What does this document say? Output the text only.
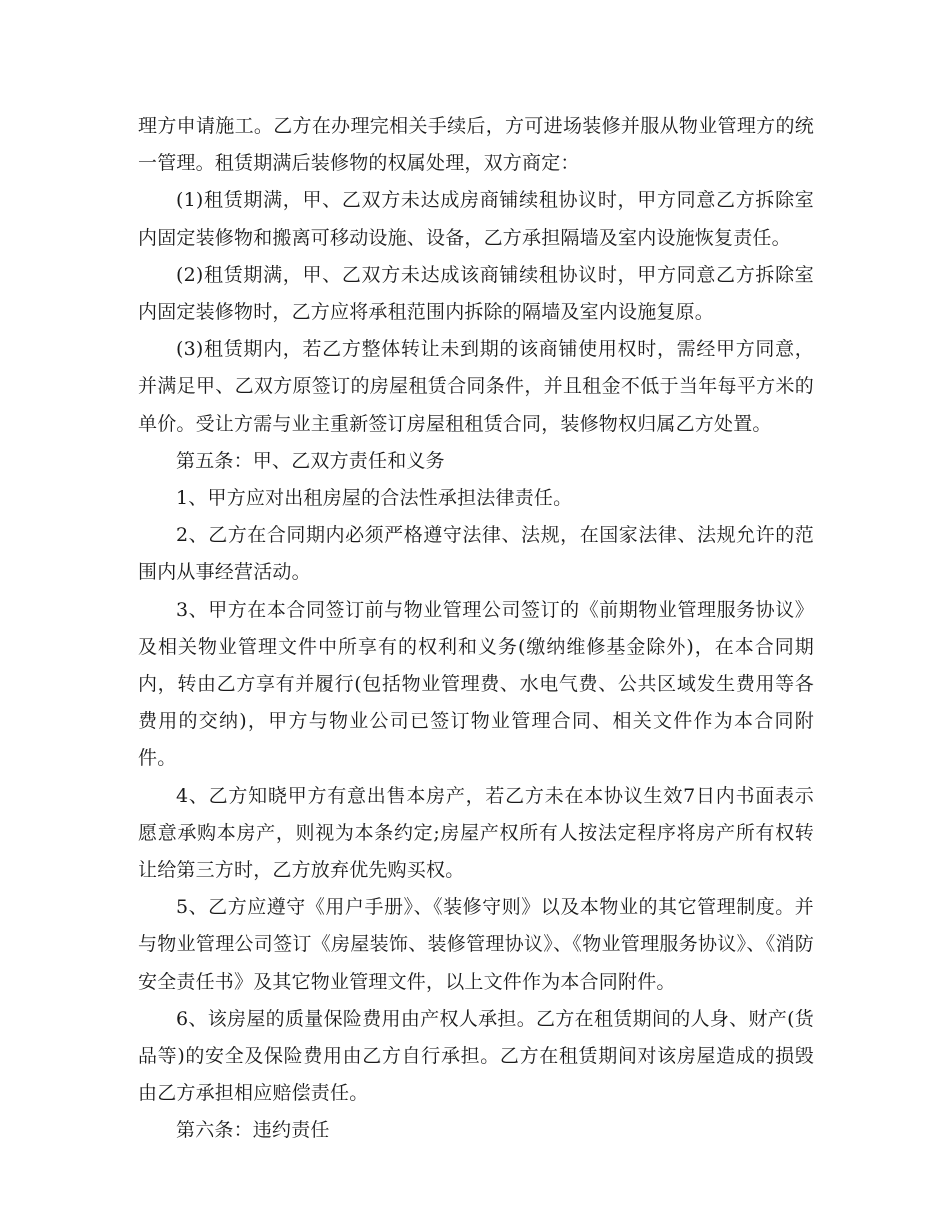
理方申请施工。乙方在办理完相关手续后，方可进场装修并服从物业管理方的统一管理。租赁期满后装修物的权属处理，双方商定：

(1)租赁期满，甲、乙双方未达成房商铺续租协议时，甲方同意乙方拆除室内固定装修物和搬离可移动设施、设备，乙方承担隔墙及室内设施恢复责任。

(2)租赁期满，甲、乙双方未达成该商铺续租协议时，甲方同意乙方拆除室内固定装修物时，乙方应将承租范围内拆除的隔墙及室内设施复原。

(3)租赁期内，若乙方整体转让未到期的该商铺使用权时，需经甲方同意，并满足甲、乙双方原签订的房屋租赁合同条件，并且租金不低于当年每平方米的单价。受让方需与业主重新签订房屋租租赁合同，装修物权归属乙方处置。

第五条：甲、乙双方责任和义务

1、甲方应对出租房屋的合法性承担法律责任。

2、乙方在合同期内必须严格遵守法律、法规，在国家法律、法规允许的范围内从事经营活动。

3、甲方在本合同签订前与物业管理公司签订的《前期物业管理服务协议》及相关物业管理文件中所享有的权利和义务(缴纳维修基金除外)，在本合同期内，转由乙方享有并履行(包括物业管理费、水电气费、公共区域发生费用等各费用的交纳)，甲方与物业公司已签订物业管理合同、相关文件作为本合同附件。

4、乙方知晓甲方有意出售本房产，若乙方未在本协议生效7日内书面表示愿意承购本房产，则视为本条约定;房屋产权所有人按法定程序将房产所有权转让给第三方时，乙方放弃优先购买权。

5、乙方应遵守《用户手册》、《装修守则》以及本物业的其它管理制度。并与物业管理公司签订《房屋装饰、装修管理协议》、《物业管理服务协议》、《消防安全责任书》及其它物业管理文件，以上文件作为本合同附件。

6、该房屋的质量保险费用由产权人承担。乙方在租赁期间的人身、财产(货品等)的安全及保险费用由乙方自行承担。乙方在租赁期间对该房屋造成的损毁由乙方承担相应赔偿责任。

第六条：违约责任
